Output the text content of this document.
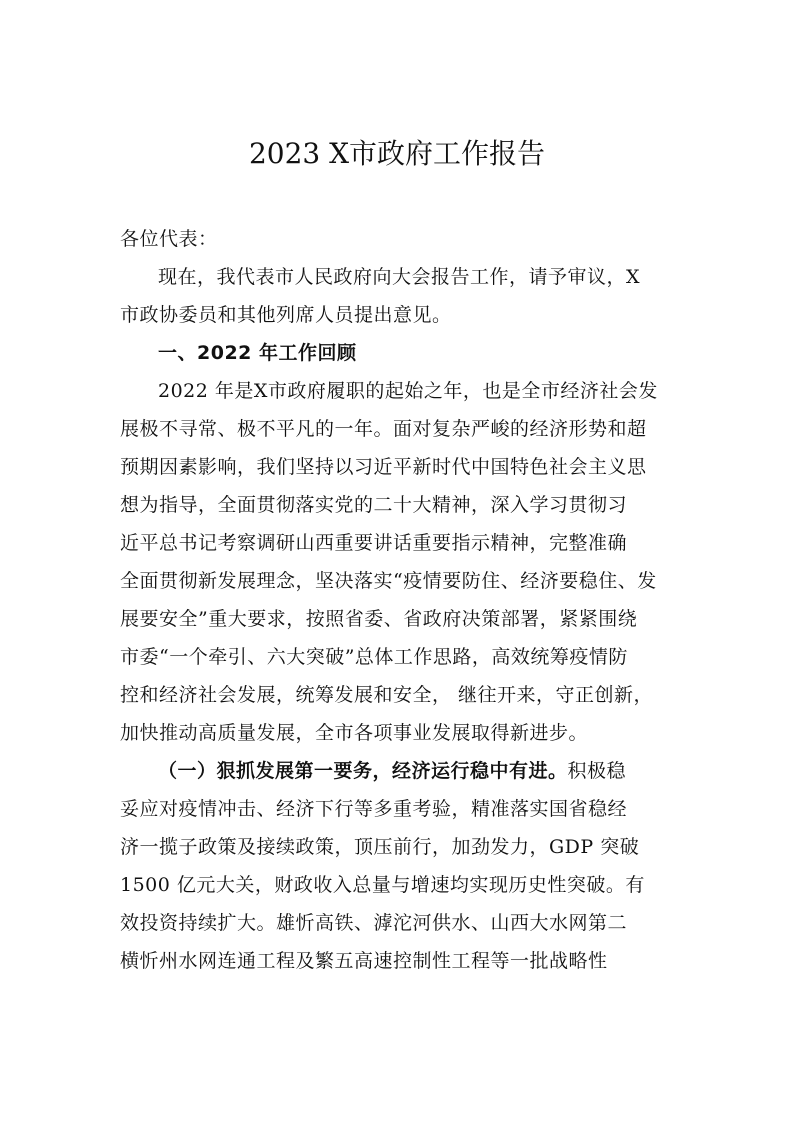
2023 X市政府工作报告
各位代表：
现在，我代表市人民政府向大会报告工作，请予审议，X
市政协委员和其他列席人员提出意见。
一、2022 年工作回顾
2022 年是X市政府履职的起始之年，也是全市经济社会发
展极不寻常、极不平凡的一年。面对复杂严峻的经济形势和超
预期因素影响，我们坚持以习近平新时代中国特色社会主义思
想为指导，全面贯彻落实党的二十大精神，深入学习贯彻习
近平总书记考察调研山西重要讲话重要指示精神，完整准确
全面贯彻新发展理念，坚决落实“疫情要防住、经济要稳住、发
展要安全”重大要求，按照省委、省政府决策部署，紧紧围绕
市委“一个牵引、六大突破”总体工作思路，高效统筹疫情防
控和经济社会发展，统筹发展和安全， 继往开来，守正创新，
加快推动高质量发展，全市各项事业发展取得新进步。
（一）狠抓发展第一要务，经济运行稳中有进。积极稳
妥应对疫情冲击、经济下行等多重考验，精准落实国省稳经
济一揽子政策及接续政策，顶压前行，加劲发力，GDP 突破
1500 亿元大关，财政收入总量与增速均实现历史性突破。有
效投资持续扩大。雄忻高铁、滹沱河供水、山西大水网第二
横忻州水网连通工程及繁五高速控制性工程等一批战略性
